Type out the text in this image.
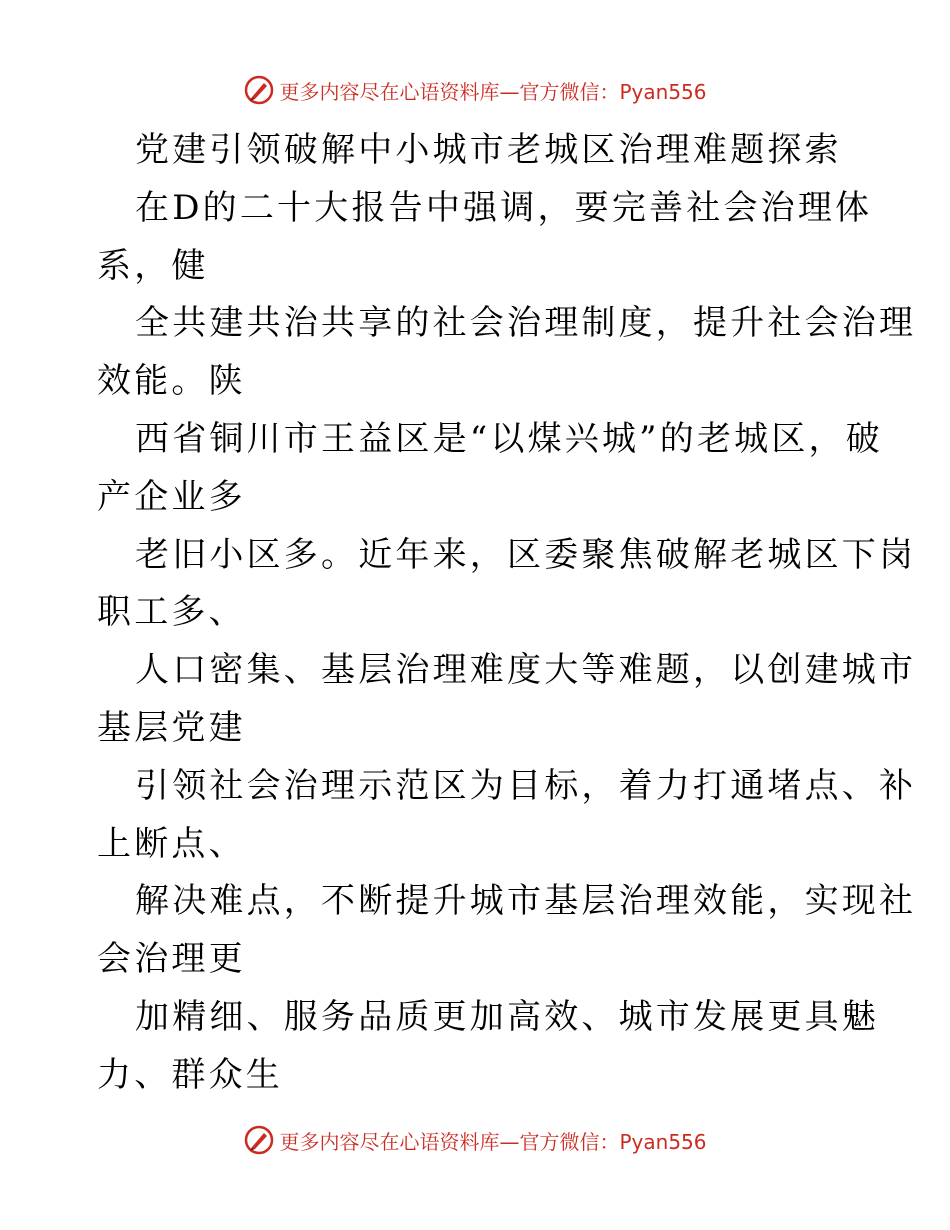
更多内容尽在心语资料库—官方微信：Pyan556
党建引领破解中小城市老城区治理难题探索
在D的二十大报告中强调，要完善社会治理体
系，健
全共建共治共享的社会治理制度，提升社会治理
效能。陕
西省铜川市王益区是“以煤兴城”的老城区，破
产企业多
老旧小区多。近年来，区委聚焦破解老城区下岗
职工多、
人口密集、基层治理难度大等难题，以创建城市
基层党建
引领社会治理示范区为目标，着力打通堵点、补
上断点、
解决难点，不断提升城市基层治理效能，实现社
会治理更
加精细、服务品质更加高效、城市发展更具魅
力、群众生
更多内容尽在心语资料库—官方微信：Pyan556
